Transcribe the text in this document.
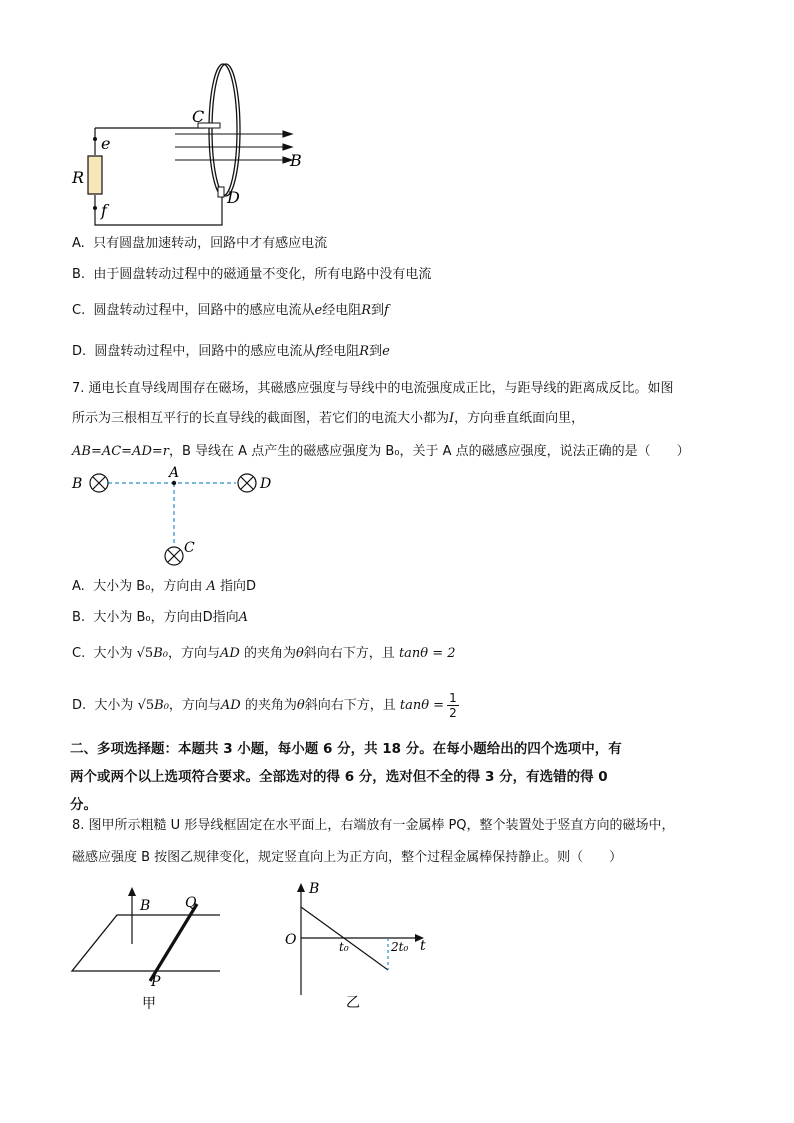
C
D
e
f
R
B
A. 只有圆盘加速转动，回路中才有感应电流
B. 由于圆盘转动过程中的磁通量不变化，所有电路中没有电流
C. 圆盘转动过程中，回路中的感应电流从e经电阻R到f
D. 圆盘转动过程中，回路中的感应电流从f经电阻R到e
7. 通电长直导线周围存在磁场，其磁感应强度与导线中的电流强度成正比，与距导线的距离成反比。如图
所示为三根相互平行的长直导线的截面图，若它们的电流大小都为I，方向垂直纸面向里，
AB=AC=AD=r，B 导线在 A 点产生的磁感应强度为 B₀，关于 A 点的磁感应强度，说法正确的是（　　）
A
B	D
C
A. 大小为 B₀，方向由 A 指向D
B. 大小为 B₀，方向由D指向A
C. 大小为 √5B₀，方向与AD 的夹角为θ斜向右下方，且 tanθ = 2
D. 大小为 √5B₀，方向与AD 的夹角为θ斜向右下方，且 $\tan\theta = \frac{1}{2}$
二、多项选择题：本题共 3 小题，每小题 6 分，共 18 分。在每小题给出的四个选项中，有
两个或两个以上选项符合要求。全部选对的得 6 分，选对但不全的得 3 分，有选错的得 0
分。
8. 图甲所示粗糙 U 形导线框固定在水平面上，右端放有一金属棒 PQ，整个装置处于竖直方向的磁场中，
磁感应强度 B 按图乙规律变化，规定竖直向上为正方向，整个过程金属棒保持静止。则（　　）
B Q
P
甲
B
O	t₀	2t₀ t
乙
